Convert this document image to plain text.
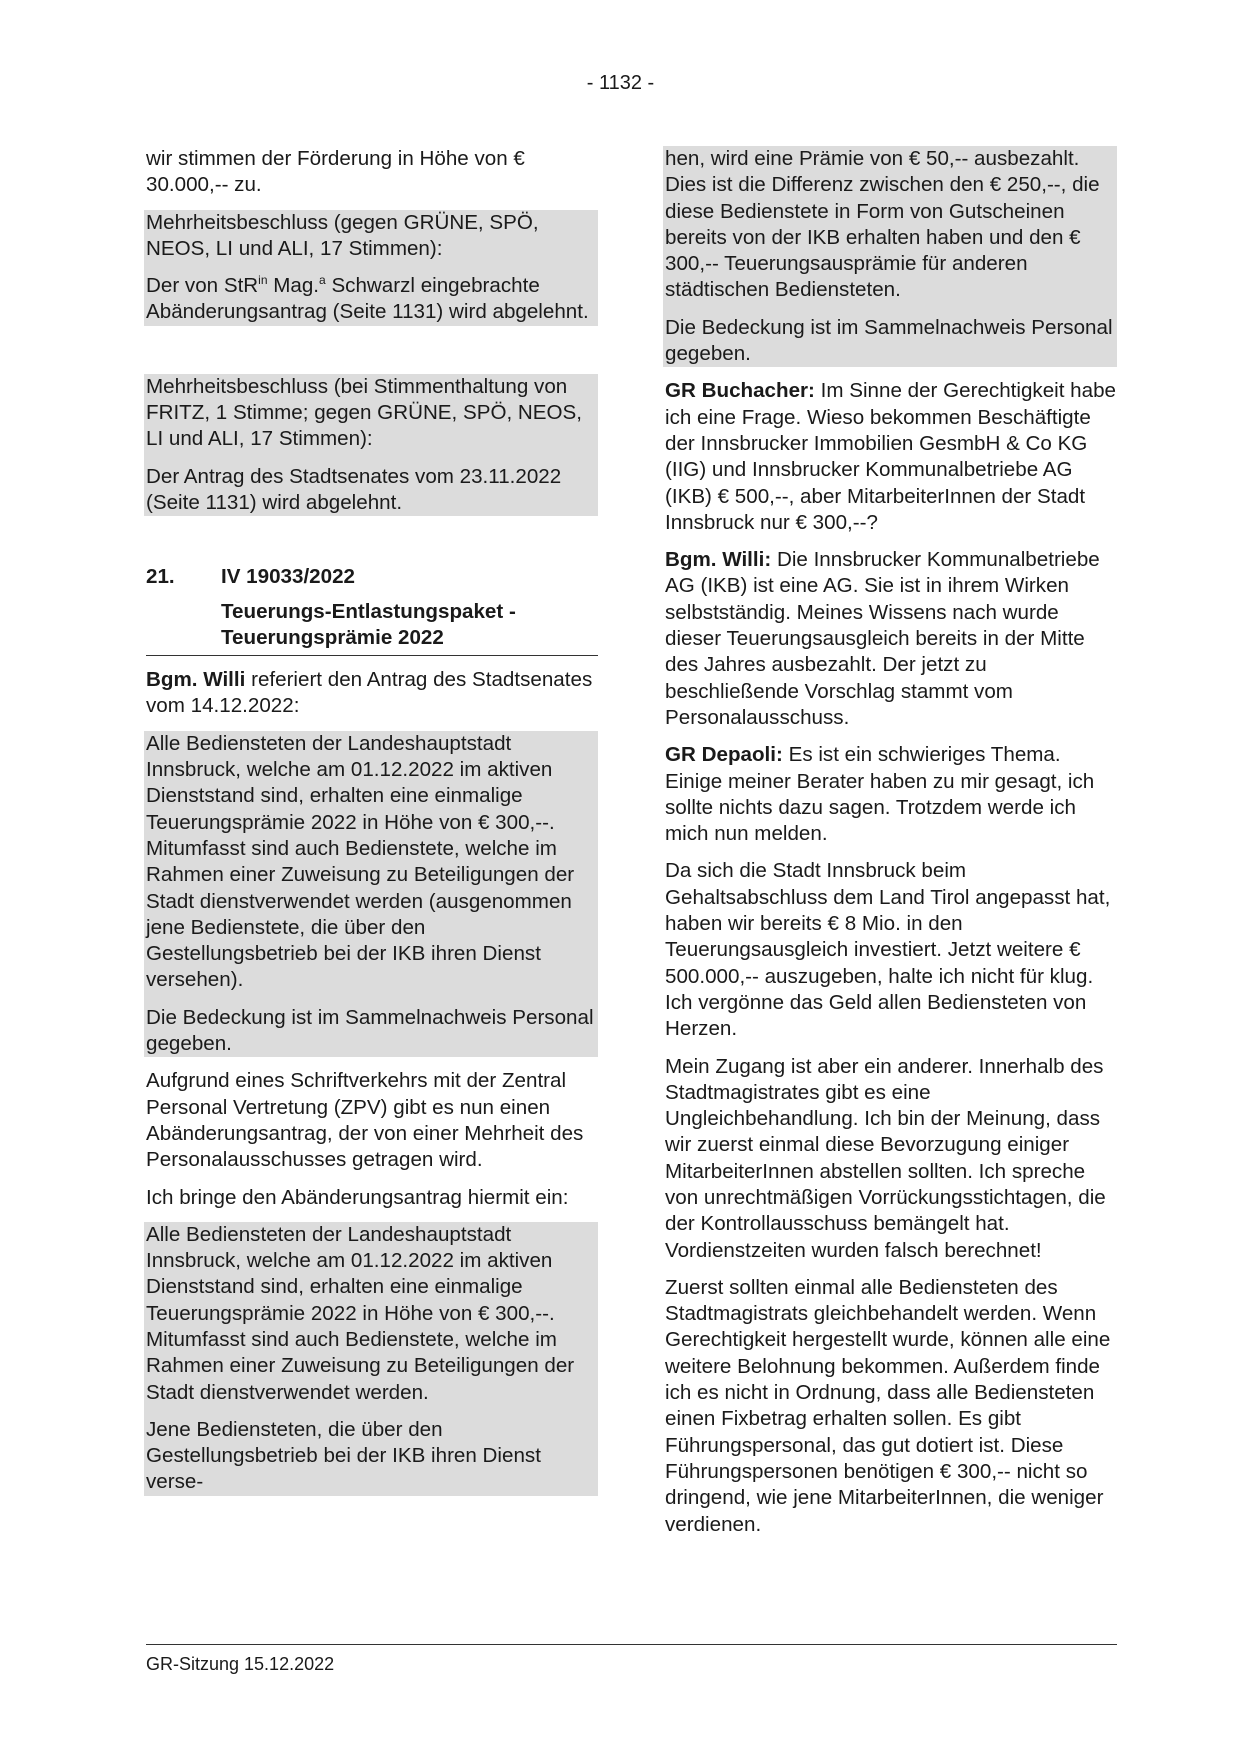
- 1132 -

wir stimmen der Förderung in Höhe von € 30.000,-- zu.

Mehrheitsbeschluss (gegen GRÜNE, SPÖ, NEOS, LI und ALI, 17 Stimmen):

Der von StR$^{in}$ Mag.$^a$ Schwarzl eingebrachte Abänderungsantrag (Seite 1131) wird abgelehnt.

Mehrheitsbeschluss (bei Stimmenthaltung von FRITZ, 1 Stimme; gegen GRÜNE, SPÖ, NEOS, LI und ALI, 17 Stimmen):

Der Antrag des Stadtsenates vom 23.11.2022 (Seite 1131) wird abgelehnt.

21.	IV 19033/2022
Teuerungs-Entlastungspaket -
Teuerungsprämie 2022

Bgm. Willi referiert den Antrag des Stadtsenates vom 14.12.2022:

Alle Bediensteten der Landeshauptstadt Innsbruck, welche am 01.12.2022 im aktiven Dienststand sind, erhalten eine einmalige Teuerungsprämie 2022 in Höhe von € 300,--. Mitumfasst sind auch Bedienstete, welche im Rahmen einer Zuweisung zu Beteiligungen der Stadt dienstverwendet werden (ausgenommen jene Bedienstete, die über den Gestellungsbetrieb bei der IKB ihren Dienst versehen).

Die Bedeckung ist im Sammelnachweis Personal gegeben.

Aufgrund eines Schriftverkehrs mit der Zentral Personal Vertretung (ZPV) gibt es nun einen Abänderungsantrag, der von einer Mehrheit des Personalausschusses getragen wird.

Ich bringe den Abänderungsantrag hiermit ein:

Alle Bediensteten der Landeshauptstadt Innsbruck, welche am 01.12.2022 im aktiven Dienststand sind, erhalten eine einmalige Teuerungsprämie 2022 in Höhe von € 300,--. Mitumfasst sind auch Bedienstete, welche im Rahmen einer Zuweisung zu Beteiligungen der Stadt dienstverwendet werden.

Jene Bediensteten, die über den Gestellungsbetrieb bei der IKB ihren Dienst verse-

hen, wird eine Prämie von € 50,-- ausbezahlt. Dies ist die Differenz zwischen den € 250,--, die diese Bedienstete in Form von Gutscheinen bereits von der IKB erhalten haben und den € 300,-- Teuerungsausprämie für anderen städtischen Bediensteten.

Die Bedeckung ist im Sammelnachweis Personal gegeben.

GR Buchacher: Im Sinne der Gerechtigkeit habe ich eine Frage. Wieso bekommen Beschäftigte der Innsbrucker Immobilien GesmbH & Co KG (IIG) und Innsbrucker Kommunalbetriebe AG (IKB) € 500,--, aber MitarbeiterInnen der Stadt Innsbruck nur € 300,--?

Bgm. Willi: Die Innsbrucker Kommunalbetriebe AG (IKB) ist eine AG. Sie ist in ihrem Wirken selbstständig. Meines Wissens nach wurde dieser Teuerungsausgleich bereits in der Mitte des Jahres ausbezahlt. Der jetzt zu beschließende Vorschlag stammt vom Personalausschuss.

GR Depaoli: Es ist ein schwieriges Thema. Einige meiner Berater haben zu mir gesagt, ich sollte nichts dazu sagen. Trotzdem werde ich mich nun melden.

Da sich die Stadt Innsbruck beim Gehaltsabschluss dem Land Tirol angepasst hat, haben wir bereits € 8 Mio. in den Teuerungsausgleich investiert. Jetzt weitere € 500.000,-- auszugeben, halte ich nicht für klug. Ich vergönne das Geld allen Bediensteten von Herzen.

Mein Zugang ist aber ein anderer. Innerhalb des Stadtmagistrates gibt es eine Ungleichbehandlung. Ich bin der Meinung, dass wir zuerst einmal diese Bevorzugung einiger MitarbeiterInnen abstellen sollten. Ich spreche von unrechtmäßigen Vorrückungsstichtagen, die der Kontrollausschuss bemängelt hat. Vordienstzeiten wurden falsch berechnet!

Zuerst sollten einmal alle Bediensteten des Stadtmagistrats gleichbehandelt werden. Wenn Gerechtigkeit hergestellt wurde, können alle eine weitere Belohnung bekommen. Außerdem finde ich es nicht in Ordnung, dass alle Bediensteten einen Fixbetrag erhalten sollen. Es gibt Führungspersonal, das gut dotiert ist. Diese Führungspersonen benötigen € 300,-- nicht so dringend, wie jene MitarbeiterInnen, die weniger verdienen.

GR-Sitzung 15.12.2022
